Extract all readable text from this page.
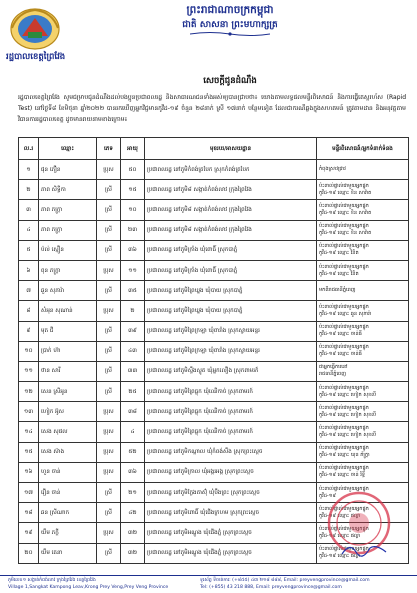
ព្រះរាជាណាចក្រកម្ពុជា
ជាតិ សាសនា ព្រះមហាក្សត្រ
រដ្ឋបាលខេត្តព្រៃវែង
សេចក្តីជូនដំណឹង
រដ្ឋបាលខេត្តព្រៃវែង សូមជម្រាបជូនដំណឹងដល់បងប្អូនប្រជាពលរដ្ឋ និងសាធារណជនទាំងអស់ឲ្យបានជ្រាបថា៖ យោងតាមលទ្ធផលមន្ទីរពិសោធន៍ និងការធ្វើតេស្តរហ័ស (Rapid Test) នៅថ្ងៃទី៨ ខែមិថុនា ឆ្នាំ២០២២ បានរកឃើញអ្នកវិជ្ជមានកូវីដ-១៩ ចំនួន ២៨នាក់ ស្រី ១៧នាក់ បន្ថែមទៀត ដែលជាករណីឆ្លងក្នុងសហគមន៍ ត្រូវតាមដាន និងអនុវត្តតាមវិធានការរដ្ឋបាលខេត្ត ដូចមានរាយនាមខាងក្រោម៖
ល.រ	ឈ្មោះ	ភេទ	អាយុ	មុខរបរ/អាសយដ្ឋាន	មន្ទីរពិសោធន៍/អ្នកទំនាក់ទំនង
១	ផុន ភឿន	ប្រុស	៥០	ប្រជាពលរដ្ឋ នៅភូមិកំពង់ត្របែក ស្រុកកំពង់ត្របែក	កំពុងស្រាវជ្រាវ

២	ភាព សិទ្ធីកា	ស្រី	១៥	ប្រជាពលរដ្ឋ នៅភូមិ៨ សង្កាត់កំពង់លាវ ក្រុងព្រៃវែង	ប៉ះពាល់ផ្ទាល់ជាមួយអ្នកផ្ទុក
កូវីដ-១៩ ឈ្មោះ ខិន សាវ៉ាត

៣	ភាព ភក្ត្រា	ស្រី	១០	ប្រជាពលរដ្ឋ នៅភូមិ៨ សង្កាត់កំពង់លាវ ក្រុងព្រៃវែង	ប៉ះពាល់ផ្ទាល់ជាមួយអ្នកផ្ទុក
កូវីដ-១៩ ឈ្មោះ ខិន សាវ៉ាត

៤	ភាព ភក្ត្រា	ស្រី	២៣	ប្រជាពលរដ្ឋ នៅភូមិ៨ សង្កាត់កំពង់លាវ ក្រុងព្រៃវែង	ប៉ះពាល់ផ្ទាល់ជាមួយអ្នកផ្ទុក
កូវីដ-១៩ ឈ្មោះ ខិន សាវ៉ាត

៥	ប៉ល់ ស្មឿន	ស្រី	៣៦	ប្រជាពលរដ្ឋ នៅភូមិក្រាំង ឃុំពោធិ៍ ស្រុកបាភ្នំ	ប៉ះពាល់ផ្ទាល់ជាមួយអ្នកផ្ទុក
កូវីដ-១៩ ឈ្មោះ វិនិត

៦	ពុន ភក្ត្រា	ប្រុស	១១	ប្រជាពលរដ្ឋ នៅភូមិក្រាំង ឃុំពោធិ៍ ស្រុកបាភ្នំ	ប៉ះពាល់ផ្ទាល់ជាមួយអ្នកផ្ទុក
កូវីដ-១៩ ឈ្មោះ វិនិត

៧	ឆួន សុភារ៉ា	ស្រី	៣៥	ប្រជាពលរដ្ឋ នៅភូមិព្រៃឃ្នង ឃុំបាយ ស្រុកបាភ្នំ	មកពីរាជធានីភ្នំពេញ

៨	សំអុន សុណាន់	ប្រុស	២	ប្រជាពលរដ្ឋ នៅភូមិព្រៃឃ្នង ឃុំបាយ ស្រុកបាភ្នំ	ប៉ះពាល់ផ្ទាល់ជាមួយអ្នកផ្ទុក
កូវីដ-១៩ ឈ្មោះ ឆួន សុភារ៉ា

៩	មុត ជី	ស្រី	៣៩	ប្រជាពលរដ្ឋ នៅភូមិព្រៃក្រឡា ឃុំពារាំង ស្រុកស្វាយអន្ទរ	ប៉ះពាល់ផ្ទាល់ជាមួយអ្នកផ្ទុក
កូវីដ-១៩ ឈ្មោះ ចាន់ធី

១០	ប្រាក់ ហ៊ា	ស្រី	៤៣	ប្រជាពលរដ្ឋ នៅភូមិព្រៃក្រឡា ឃុំពារាំង ស្រុកស្វាយអន្ទរ	ប៉ះពាល់ផ្ទាល់ជាមួយអ្នកផ្ទុក
កូវីដ-១៩ ឈ្មោះ ចាន់ធី

១១	ថាន សារី	ស្រី	៣៣	ប្រជាពលរដ្ឋ នៅភូមិស្ទឹងស្លូត ឃុំអ្នកលឿង ស្រុកពាមរក៍	ជាអ្នកធ្វើការនៅ
រាជធានីភ្នំពេញ

១២	សេន ស្រីអូន	ស្រី	២៥	ប្រជាពលរដ្ឋ នៅភូមិព្រៃធ្លុក ឃុំឈើកាច់ ស្រុកពាមរក៍	ប៉ះពាល់ផ្ទាល់ជាមួយអ្នកផ្ទុក
កូវីដ-១៩ ឈ្មោះ ហៀក សុខលី

១៣	ហៀក អ៊ូស	ប្រុស	៣៨	ប្រជាពលរដ្ឋ នៅភូមិព្រៃធ្លុក ឃុំឈើកាច់ ស្រុកពាមរក៍	ប៉ះពាល់ផ្ទាល់ជាមួយអ្នកផ្ទុក
កូវីដ-១៩ ឈ្មោះ ហៀក សុខលី

១៤	សេង សុផល	ប្រុស	៤	ប្រជាពលរដ្ឋ នៅភូមិព្រៃធ្លុក ឃុំឈើកាច់ ស្រុកពាមរក៍	ប៉ះពាល់ផ្ទាល់ជាមួយអ្នកផ្ទុក
កូវីដ-១៩ ឈ្មោះ ហៀក សុខលី

១៥	សេង ស៊ាង	ប្រុស	៥២	ប្រជាពលរដ្ឋ នៅភូមិកណ្ដាល ឃុំកំពង់សឹង ស្រុកព្រះស្ដេច	ប៉ះពាល់ផ្ទាល់ជាមួយអ្នកផ្ទុក
កូវីដ-១៩ ឈ្មោះ ឃុន ភ័ក្ត្រា

១៦	ហួន ចាន់	ប្រុស	៣៦	ប្រជាពលរដ្ឋ នៅភូមិក្រាល ឃុំអង្គរអង្គ ស្រុកព្រះស្ដេច	ប៉ះពាល់ផ្ទាល់ជាមួយអ្នកផ្ទុក
កូវីដ-១៩ ឈ្មោះ ចាន់ រិទ្ធី

១៧	រឿន ចាន់	ស្រី	២១	ប្រជាពលរដ្ឋ នៅភូមិក្លែងតាស៊ុំ ឃុំបឹងព្រះ ស្រុកព្រះស្ដេច	ប៉ះពាល់ផ្ទាល់ជាមួយអ្នកផ្ទុក
កូវីដ-១៩

១៨	ឆន ស្រីណាក	ស្រី	៤២	ប្រជាពលរដ្ឋ នៅភូមិពោធិ៍ ឃុំជើងក្រហម ស្រុកព្រះស្ដេច	ប៉ះពាល់ផ្ទាល់ជាមួយអ្នកផ្ទុក
កូវីដ-១៩ ឈ្មោះ ផល្លា

១៩	យឹម ភក្តី	ប្រុស	៣២	ប្រជាពលរដ្ឋ នៅភូមិអណ្តូង ឃុំជើងភ្នំ ស្រុកព្រះស្ដេច	ប៉ះពាល់ផ្ទាល់ជាមួយអ្នកផ្ទុក
កូវីដ-១៩ ឈ្មោះ ផល្លា

២០	យឹម គេនា	ស្រី	៣២	ប្រជាពលរដ្ឋ នៅភូមិអណ្តូង ឃុំជើងភ្នំ ស្រុកព្រះស្ដេច	ប៉ះពាល់ផ្ទាល់ជាមួយអ្នកផ្ទុក
កូវីដ-១៩ ឈ្មោះ ផល្លា
ភូមិលេខ១ សង្កាត់កំពង់លាវ ក្រុងព្រៃវែង ខេត្តព្រៃវែង
Village 1,Sangkat Kampong Leav,Krong Prey Veng,Prey Veng Province
ទូរស័ព្ទ ទីចាត់ការ: (+៨៥៥) ៤៣ ២១៨ ៨៨៨, Email: preyvengprovince@gmail.com
Tel: (+855) 43 218 888, Email: preyvengprovince@gmail.com
